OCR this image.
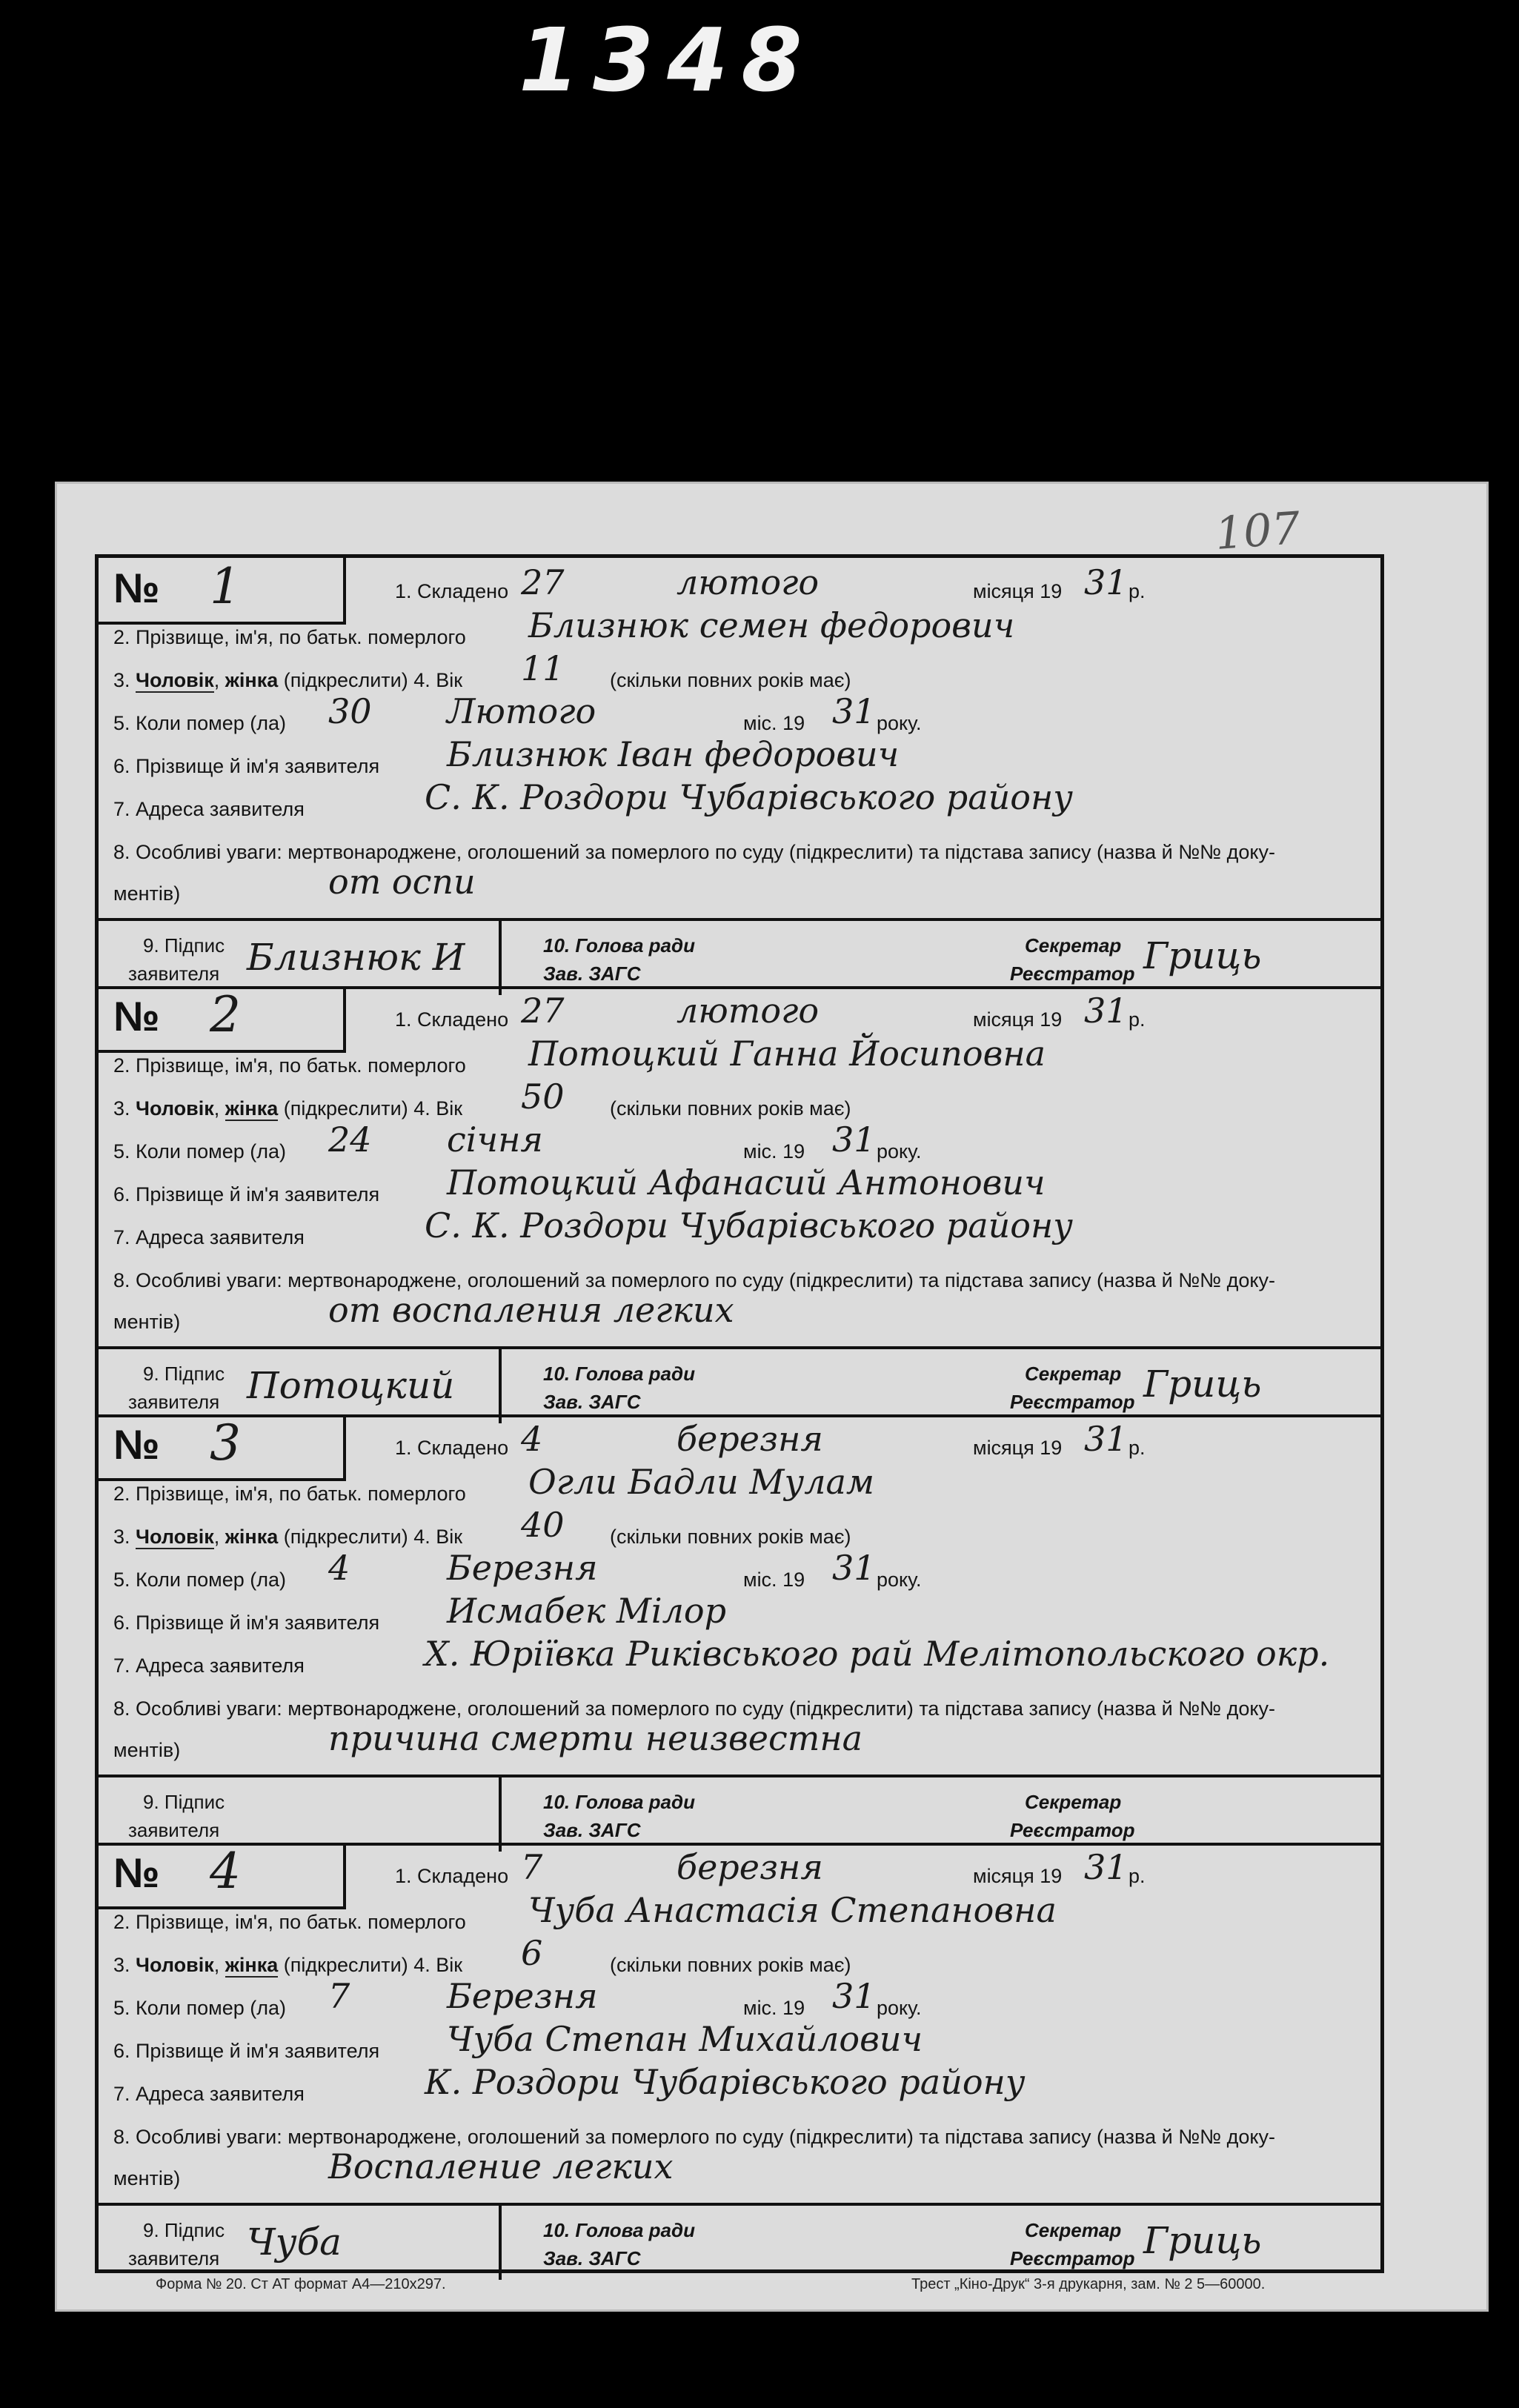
1348
107
№ 1	1. Складено 27	лютого	місяця 19 31 р.
2. Прізвище, ім'я, по батьк. померлого Близнюк семен федорович
3. Чоловік, жінка (підкреслити) 4. Вік 11 (скільки повних років має)
5. Коли помер (ла) 30 Лютого	міс. 19 31 року.
6. Прізвище й ім'я заявителя Близнюк Іван федорович
7. Адреса заявителя	С. К. Роздори Чубарівського району
8. Особливі уваги: мертвонароджене, оголошений за померлого по суду (підкреслити) та підстава запису (назва й №№ доку-
ментів)	от оспи
9. Підпис
заявителя Близнюк И	10. Голова ради
Зав. ЗАГС
Секретар
Реєстратор Гриць
№ 2	1. Складено 27	лютого	місяця 19 31 р.
2. Прізвище, ім'я, по батьк. померлого Потоцкий Ганна Йосиповна
3. Чоловік, жінка (підкреслити) 4. Вік 50 (скільки повних років має)
5. Коли помер (ла) 24 січня	міс. 19 31 року.
6. Прізвище й ім'я заявителя Потоцкий Афанасий Антонович
7. Адреса заявителя	С. К. Роздори Чубарівського району
8. Особливі уваги: мертвонароджене, оголошений за померлого по суду (підкреслити) та підстава запису (назва й №№ доку-
ментів)	от воспаления легких
9. Підпис
заявителя Потоцкий	10. Голова ради
Зав. ЗАГС
Секретар
Реєстратор Гриць
№ 3	1. Складено 4	березня	місяця 19 31 р.
2. Прізвище, ім'я, по батьк. померлого Огли Бадли Мулам
3. Чоловік, жінка (підкреслити) 4. Вік 40 (скільки повних років має)
5. Коли помер (ла) 4	Березня	міс. 19 31 року.
6. Прізвище й ім'я заявителя Исмабек Мілор
7. Адреса заявителя	Х. Юріївка Риківського рай Мелітопольского окр.
8. Особливі уваги: мертвонароджене, оголошений за померлого по суду (підкреслити) та підстава запису (назва й №№ доку-
ментів)	причина смерти неизвестна
9. Підпис
заявителя
10. Голова ради
Зав. ЗАГС
Секретар
Реєстратор
№ 4	1. Складено 7	березня	місяця 19 31 р.
2. Прізвище, ім'я, по батьк. померлого Чуба Анастасія Степановна
3. Чоловік, жінка (підкреслити) 4. Вік 6	(скільки повних років має)
5. Коли помер (ла) 7	Березня	міс. 19 31 року.
6. Прізвище й ім'я заявителя Чуба Степан Михайлович
7. Адреса заявителя	К. Роздори Чубарівського району
8. Особливі уваги: мертвонароджене, оголошений за померлого по суду (підкреслити) та підстава запису (назва й №№ доку-
ментів)	Воспаление легких
9. Підпис
заявителя Чуба	10. Голова ради
Зав. ЗАГС
Секретар
Реєстратор Гриць
Форма № 20. Ст АТ формат А4—210х297.	Трест „Кіно-Друк“ 3-я друкарня, зам. № 2 5—60000.
